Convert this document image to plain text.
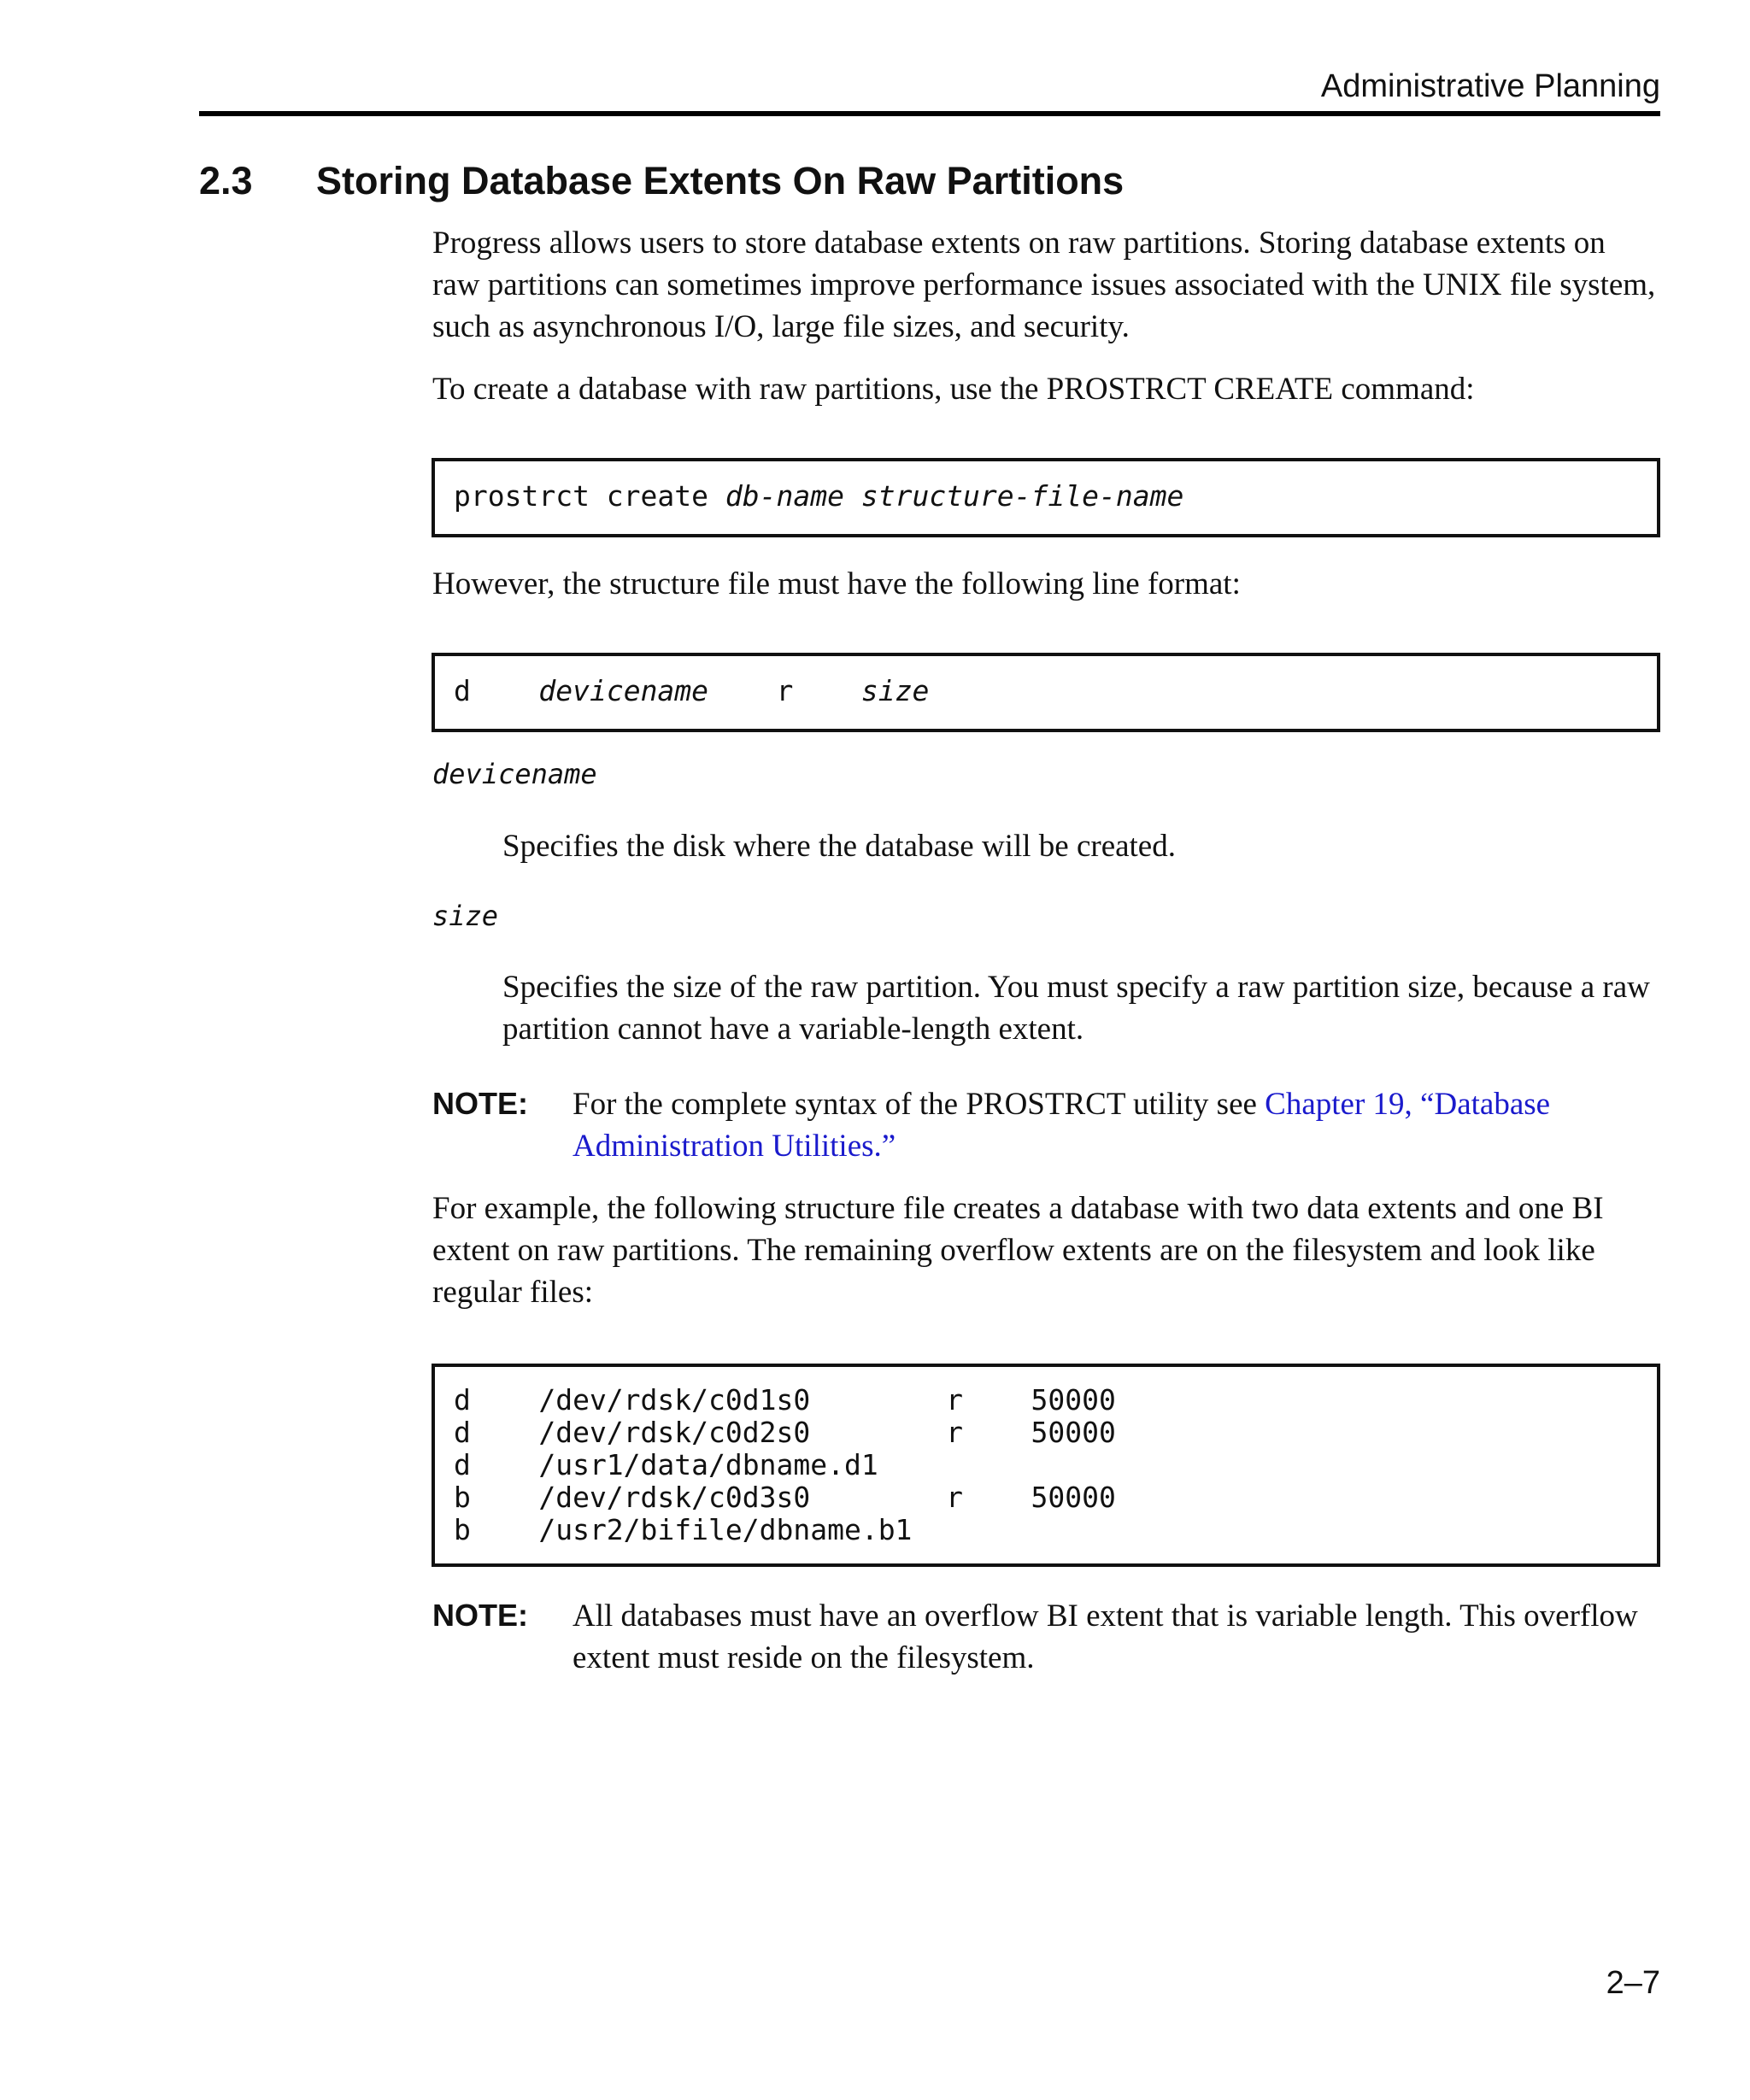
Administrative Planning
2.3 Storing Database Extents On Raw Partitions

Progress allows users to store database extents on raw partitions. Storing database extents on raw partitions can sometimes improve performance issues associated with the UNIX file system, such as asynchronous I/O, large file sizes, and security.

To create a database with raw partitions, use the PROSTRCT CREATE command:

prostrct create db-name structure-file-name

However, the structure file must have the following line format:

d devicename r size
devicename

Specifies the disk where the database will be created.

size

Specifies the size of the raw partition. You must specify a raw partition size, because a raw partition cannot have a variable-length extent.

NOTE: For the complete syntax of the PROSTRCT utility see Chapter 19, “Database Administration Utilities.”

For example, the following structure file creates a database with two data extents and one BI extent on raw partitions. The remaining overflow extents are on the filesystem and look like regular files:

d    /dev/rdsk/c0d1s0        r    50000
d    /dev/rdsk/c0d2s0        r    50000
d    /usr1/data/dbname.d1
b    /dev/rdsk/c0d3s0        r    50000
b    /usr2/bifile/dbname.b1
NOTE: All databases must have an overflow BI extent that is variable length. This overflow extent must reside on the filesystem.

2–7
